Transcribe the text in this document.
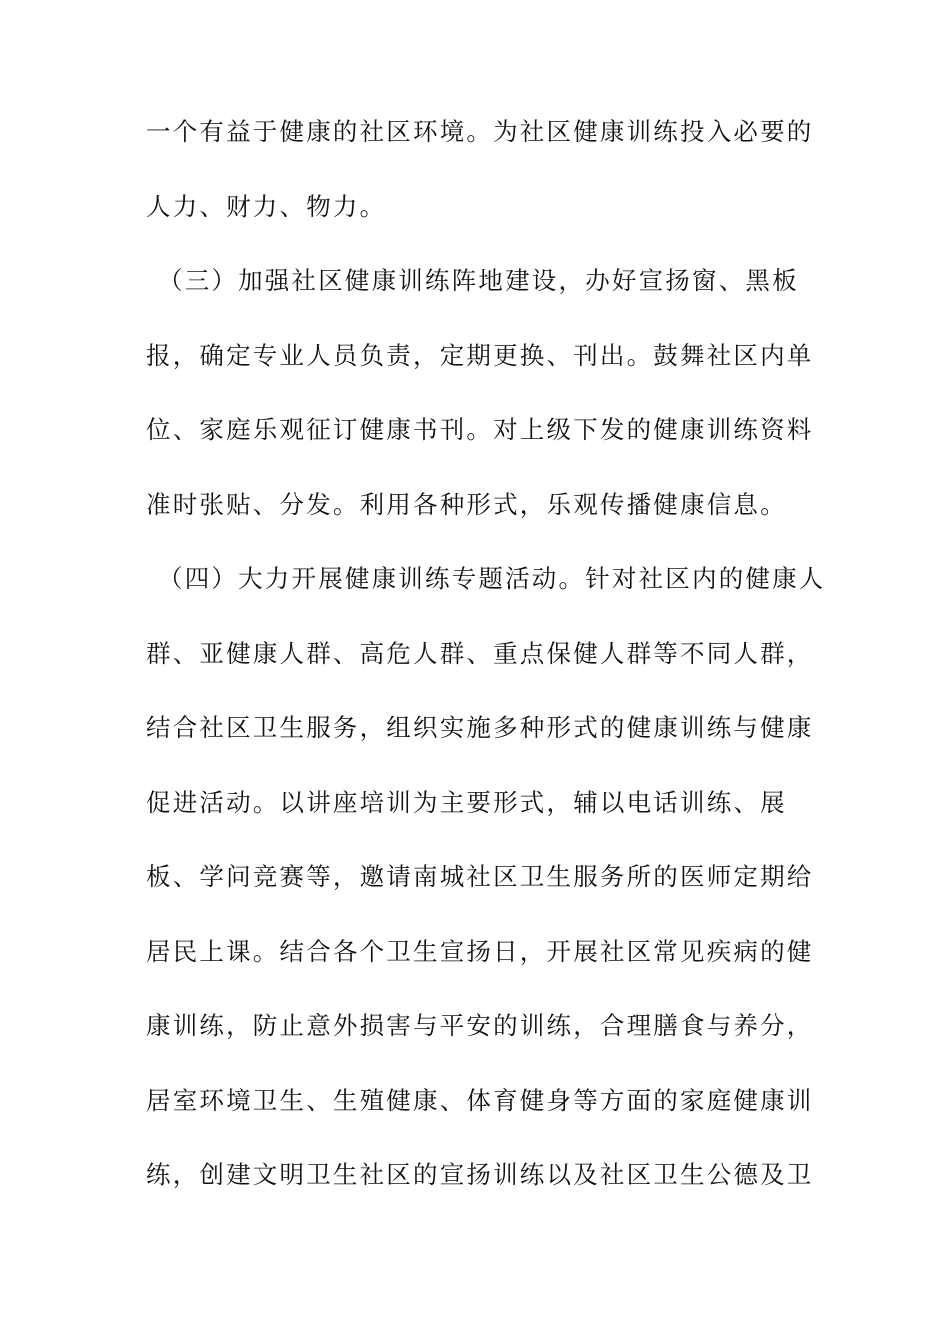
一个有益于健康的社区环境。为社区健康训练投入必要的
人力、财力、物力。
（三）加强社区健康训练阵地建设，办好宣扬窗、黑板
报，确定专业人员负责，定期更换、刊出。鼓舞社区内单
位、家庭乐观征订健康书刊。对上级下发的健康训练资料
准时张贴、分发。利用各种形式，乐观传播健康信息。
（四）大力开展健康训练专题活动。针对社区内的健康人
群、亚健康人群、高危人群、重点保健人群等不同人群，
结合社区卫生服务，组织实施多种形式的健康训练与健康
促进活动。以讲座培训为主要形式，辅以电话训练、展
板、学问竞赛等，邀请南城社区卫生服务所的医师定期给
居民上课。结合各个卫生宣扬日，开展社区常见疾病的健
康训练，防止意外损害与平安的训练，合理膳食与养分，
居室环境卫生、生殖健康、体育健身等方面的家庭健康训
练，创建文明卫生社区的宣扬训练以及社区卫生公德及卫
